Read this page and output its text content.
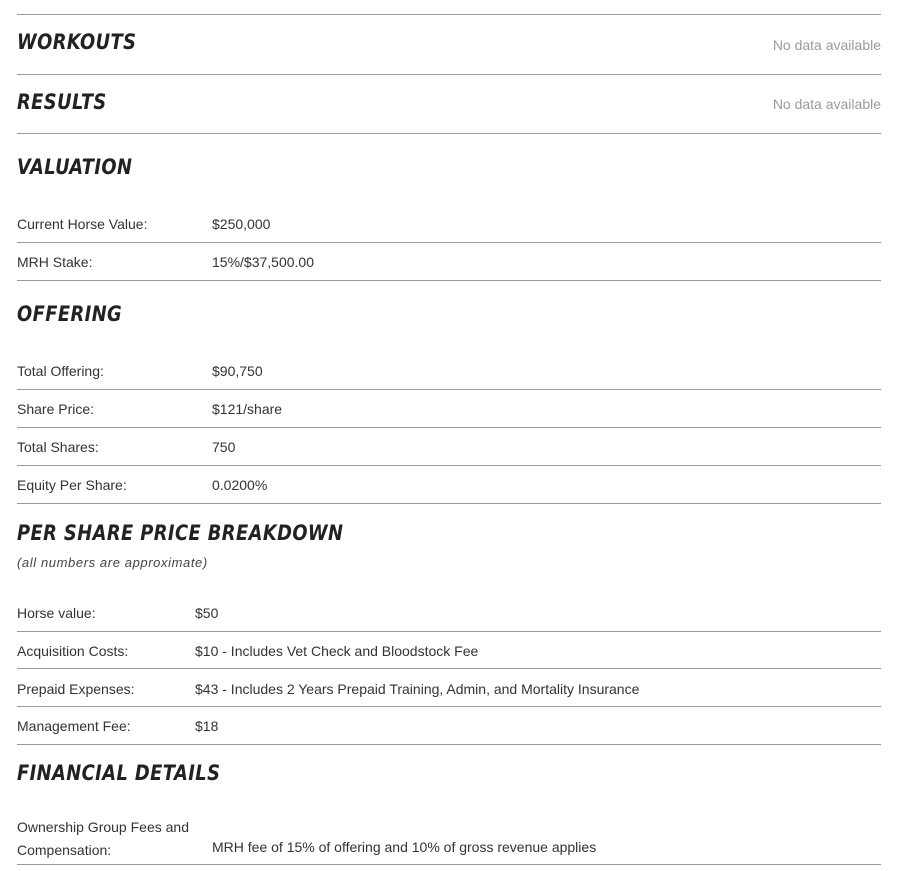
WORKOUTS	No data available
RESULTS	No data available
VALUATION
Current Horse Value:	$250,000
MRH Stake:	15%/$37,500.00
OFFERING
Total Offering:	$90,750
Share Price:	$121/share
Total Shares:	750
Equity Per Share:	0.0200%
PER SHARE PRICE BREAKDOWN
(all numbers are approximate)
Horse value:	$50
Acquisition Costs:	$10 - Includes Vet Check and Bloodstock Fee
Prepaid Expenses:	$43 - Includes 2 Years Prepaid Training, Admin, and Mortality Insurance
Management Fee:	$18
FINANCIAL DETAILS
Ownership Group Fees and Compensation:	MRH fee of 15% of offering and 10% of gross revenue applies
